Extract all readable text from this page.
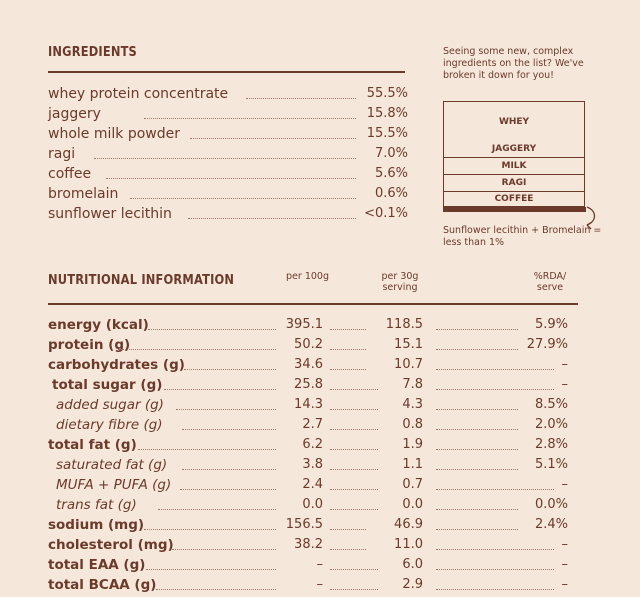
INGREDIENTS
whey protein concentrate	55.5%
jaggery	15.8%
whole milk powder	15.5%
ragi	7.0%
coffee	5.6%
bromelain	0.6%
sunflower lecithin	<0.1%
Seeing some new, complex ingredients on the list? We've broken it down for you!
WHEY
JAGGERY
MILK
RAGI
COFFEE
Sunflower lecithin + Bromelain = less than 1%
NUTRITIONAL INFORMATION	per 100g	per 30g serving
%RDA/ serve
energy (kcal)	395.1	118.5	5.9%
protein (g)	50.2	15.1	27.9%
carbohydrates (g)	34.6	10.7	–
total sugar (g)	25.8	7.8	–
added sugar (g)	14.3	4.3	8.5%
dietary fibre (g)	2.7	0.8	2.0%
total fat (g)	6.2	1.9	2.8%
saturated fat (g)	3.8	1.1	5.1%
MUFA + PUFA (g)	2.4	0.7	–
trans fat (g)	0.0	0.0	0.0%
sodium (mg)	156.5	46.9	2.4%
cholesterol (mg)	38.2	11.0	–
total EAA (g)	–	6.0	–
total BCAA (g)	–	2.9	–
